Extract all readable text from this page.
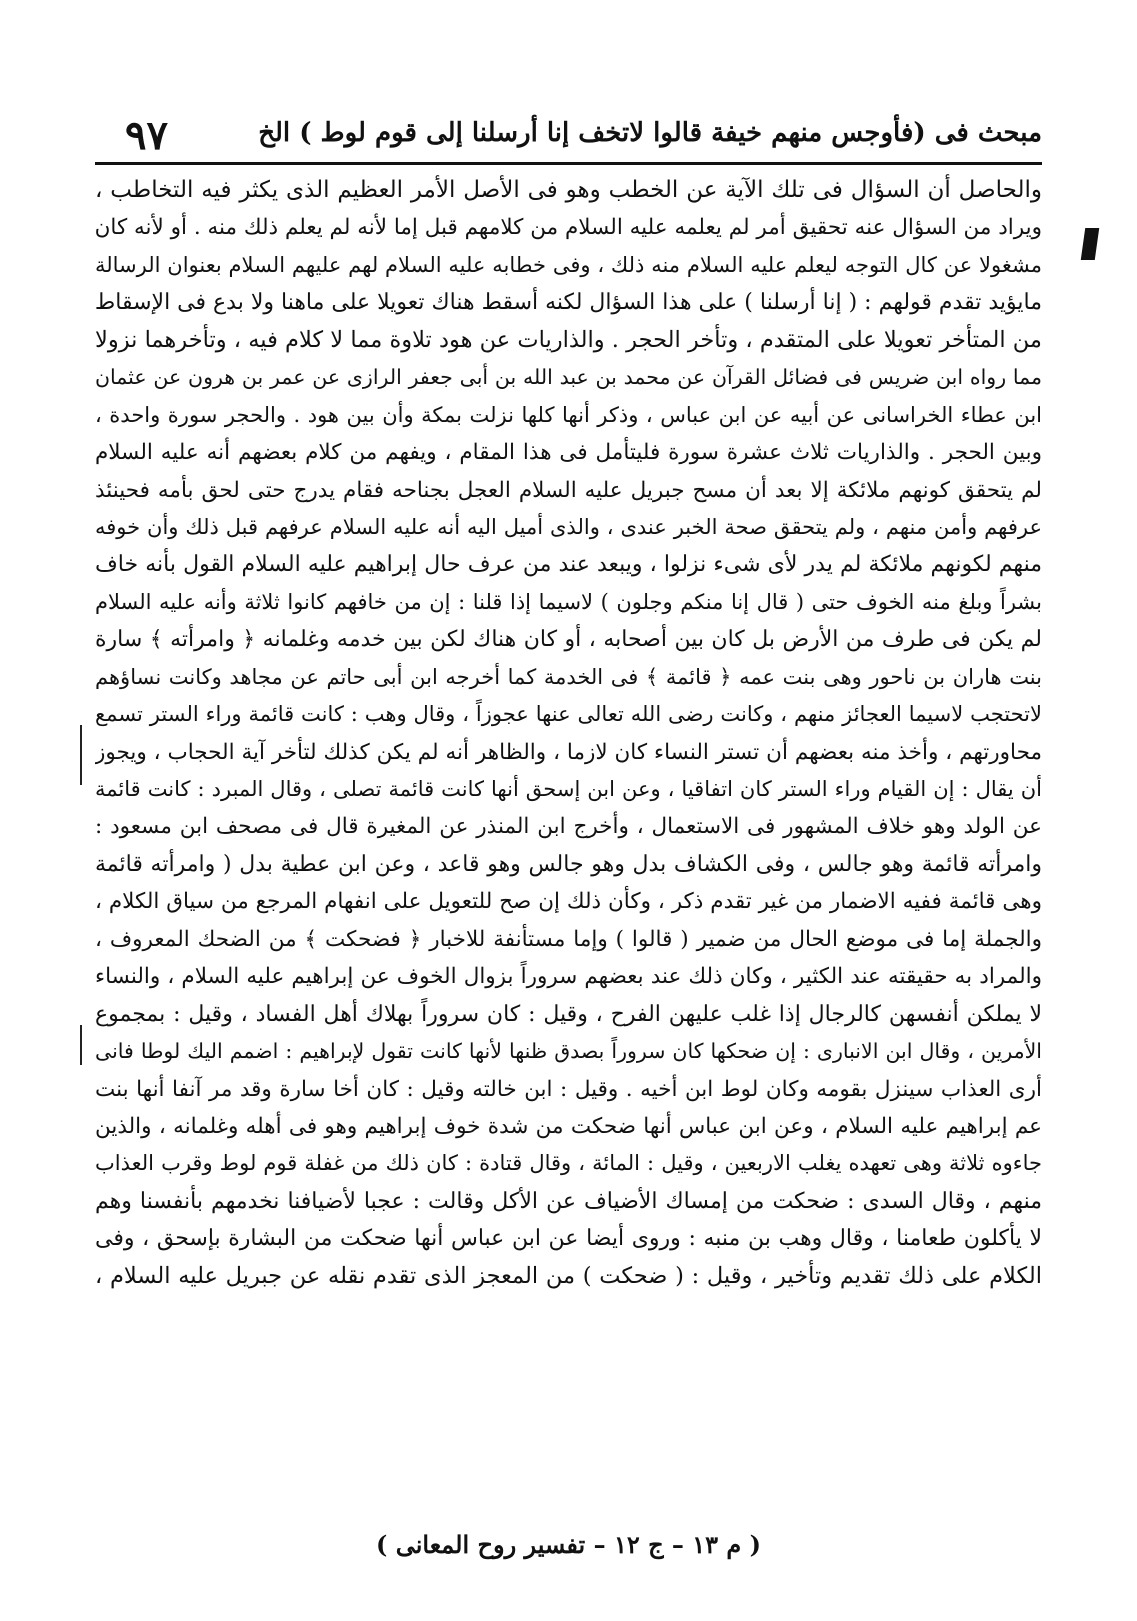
مبحث فى (فأوجس منهم خيفة قالوا لاتخف إنا أرسلنا إلى قوم لوط ) الخ
٩٧
والحاصل أن السؤال فى تلك الآية عن الخطب وهو فى الأصل الأمر العظيم الذى يكثر فيه التخاطب ،
ويراد من السؤال عنه تحقيق أمر لم يعلمه عليه السلام من كلامهم قبل إما لأنه لم يعلم ذلك منه . أو لأنه كان
مشغولا عن كال التوجه ليعلم عليه السلام منه ذلك ، وفى خطابه عليه السلام لهم عليهم السلام بعنوان الرسالة
مايؤيد تقدم قولهم : ( إنا أرسلنا ) على هذا السؤال لكنه أسقط هناك تعويلا على ماهنا ولا بدع فى الإسقاط
من المتأخر تعويلا على المتقدم ، وتأخر الحجر . والذاريات عن هود تلاوة مما لا كلام فيه ، وتأخرهما نزولا
مما رواه ابن ضريس فى فضائل القرآن عن محمد بن عبد الله بن أبى جعفر الرازى عن عمر بن هرون عن عثمان
ابن عطاء الخراسانى عن أبيه عن ابن عباس ، وذكر أنها كلها نزلت بمكة وأن بين هود . والحجر سورة واحدة ،
وبين الحجر . والذاريات ثلاث عشرة سورة فليتأمل فى هذا المقام ، ويفهم من كلام بعضهم أنه عليه السلام
لم يتحقق كونهم ملائكة إلا بعد أن مسح جبريل عليه السلام العجل بجناحه فقام يدرج حتى لحق بأمه فحينئذ
عرفهم وأمن منهم ، ولم يتحقق صحة الخبر عندى ، والذى أميل اليه أنه عليه السلام عرفهم قبل ذلك وأن خوفه
منهم لكونهم ملائكة لم يدر لأى شىء نزلوا ، ويبعد عند من عرف حال إبراهيم عليه السلام القول بأنه خاف
بشراً وبلغ منه الخوف حتى ( قال إنا منكم وجلون ) لاسيما إذا قلنا : إن من خافهم كانوا ثلاثة وأنه عليه السلام
لم يكن فى طرف من الأرض بل كان بين أصحابه ، أو كان هناك لكن بين خدمه وغلمانه ﴿ وامرأته ﴾ سارة
بنت هاران بن ناحور وهى بنت عمه ﴿ قائمة ﴾ فى الخدمة كما أخرجه ابن أبى حاتم عن مجاهد وكانت نساؤهم
لاتحتجب لاسيما العجائز منهم ، وكانت رضى الله تعالى عنها عجوزاً ، وقال وهب : كانت قائمة وراء الستر تسمع
محاورتهم ، وأخذ منه بعضهم أن تستر النساء كان لازما ، والظاهر أنه لم يكن كذلك لتأخر آية الحجاب ، ويجوز
أن يقال : إن القيام وراء الستر كان اتفاقيا ، وعن ابن إسحق أنها كانت قائمة تصلى ، وقال المبرد : كانت قائمة
عن الولد وهو خلاف المشهور فى الاستعمال ، وأخرج ابن المنذر عن المغيرة قال فى مصحف ابن مسعود :
وامرأته قائمة وهو جالس ، وفى الكشاف بدل وهو جالس وهو قاعد ، وعن ابن عطية بدل ( وامرأته قائمة
وهى قائمة ففيه الاضمار من غير تقدم ذكر ، وكأن ذلك إن صح للتعويل على انفهام المرجع من سياق الكلام ،
والجملة إما فى موضع الحال من ضمير ( قالوا ) وإما مستأنفة للاخبار ﴿ فضحكت ﴾ من الضحك المعروف ،
والمراد به حقيقته عند الكثير ، وكان ذلك عند بعضهم سروراً بزوال الخوف عن إبراهيم عليه السلام ، والنساء
لا يملكن أنفسهن كالرجال إذا غلب عليهن الفرح ، وقيل : كان سروراً بهلاك أهل الفساد ، وقيل : بمجموع
الأمرين ، وقال ابن الانبارى : إن ضحكها كان سروراً بصدق ظنها لأنها كانت تقول لإبراهيم : اضمم اليك لوطا فانى
أرى العذاب سينزل بقومه وكان لوط ابن أخيه . وقيل : ابن خالته وقيل : كان أخا سارة وقد مر آنفا أنها بنت
عم إبراهيم عليه السلام ، وعن ابن عباس أنها ضحكت من شدة خوف إبراهيم وهو فى أهله وغلمانه ، والذين
جاءوه ثلاثة وهى تعهده يغلب الاربعين ، وقيل : المائة ، وقال قتادة : كان ذلك من غفلة قوم لوط وقرب العذاب
منهم ، وقال السدى : ضحكت من إمساك الأضياف عن الأكل وقالت : عجبا لأضيافنا نخدمهم بأنفسنا وهم
لا يأكلون طعامنا ، وقال وهب بن منبه : وروى أيضا عن ابن عباس أنها ضحكت من البشارة بإسحق ، وفى
الكلام على ذلك تقديم وتأخير ، وقيل : ( ضحكت ) من المعجز الذى تقدم نقله عن جبريل عليه السلام ،
( م ١٣ – ج ١٢ – تفسير روح المعانى )
